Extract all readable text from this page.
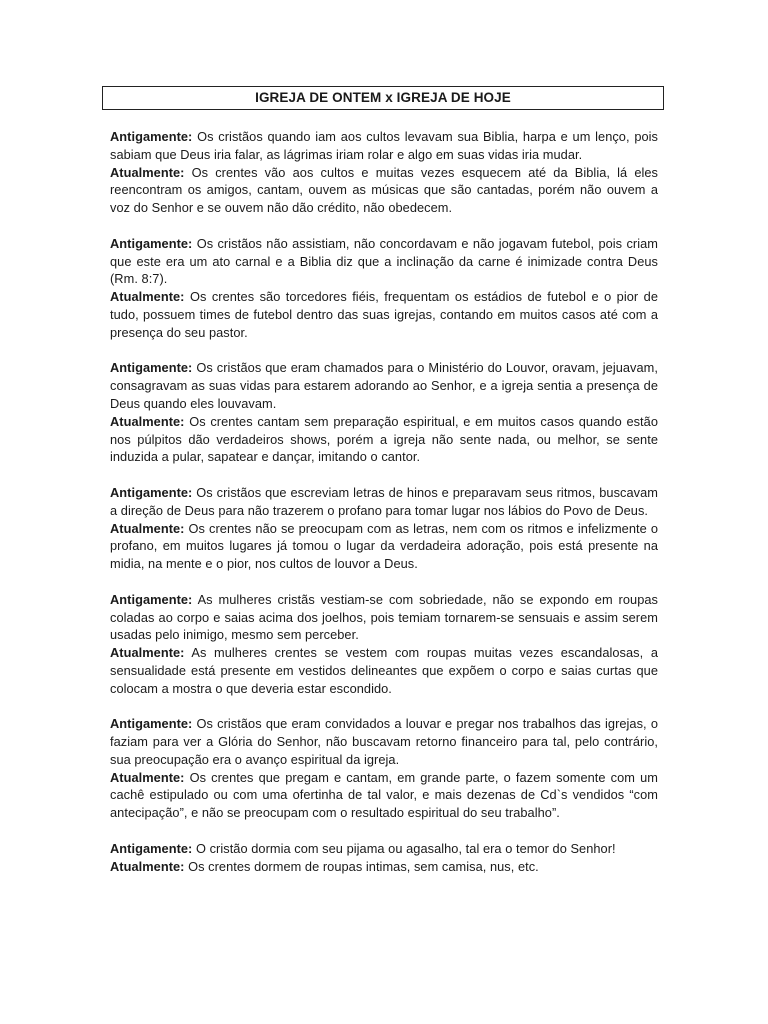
IGREJA DE ONTEM x IGREJA DE HOJE

Antigamente: Os cristãos quando iam aos cultos levavam sua Biblia, harpa e um lenço, pois sabiam que Deus iria falar, as lágrimas iriam rolar e algo em suas vidas iria mudar.

Atualmente: Os crentes vão aos cultos e muitas vezes esquecem até da Biblia, lá eles reencontram os amigos, cantam, ouvem as músicas que são cantadas, porém não ouvem a voz do Senhor e se ouvem não dão crédito, não obedecem.

Antigamente: Os cristãos não assistiam, não concordavam e não jogavam futebol, pois criam que este era um ato carnal e a Biblia diz que a inclinação da carne é inimizade contra Deus (Rm. 8:7).

Atualmente: Os crentes são torcedores fiéis, frequentam os estádios de futebol e o pior de tudo, possuem times de futebol dentro das suas igrejas, contando em muitos casos até com a presença do seu pastor.

Antigamente: Os cristãos que eram chamados para o Ministério do Louvor, oravam, jejuavam, consagravam as suas vidas para estarem adorando ao Senhor, e a igreja sentia a presença de Deus quando eles louvavam.

Atualmente: Os crentes cantam sem preparação espiritual, e em muitos casos quando estão nos púlpitos dão verdadeiros shows, porém a igreja não sente nada, ou melhor, se sente induzida a pular, sapatear e dançar, imitando o cantor.

Antigamente: Os cristãos que escreviam letras de hinos e preparavam seus ritmos, buscavam a direção de Deus para não trazerem o profano para tomar lugar nos lábios do Povo de Deus.

Atualmente: Os crentes não se preocupam com as letras, nem com os ritmos e infelizmente o profano, em muitos lugares já tomou o lugar da verdadeira adoração, pois está presente na midia, na mente e o pior, nos cultos de louvor a Deus.

Antigamente: As mulheres cristãs vestiam-se com sobriedade, não se expondo em roupas coladas ao corpo e saias acima dos joelhos, pois temiam tornarem-se sensuais e assim serem usadas pelo inimigo, mesmo sem perceber.

Atualmente: As mulheres crentes se vestem com roupas muitas vezes escandalosas, a sensualidade está presente em vestidos delineantes que expõem o corpo e saias curtas que colocam a mostra o que deveria estar escondido.

Antigamente: Os cristãos que eram convidados a louvar e pregar nos trabalhos das igrejas, o faziam para ver a Glória do Senhor, não buscavam retorno financeiro para tal, pelo contrário, sua preocupação era o avanço espiritual da igreja.

Atualmente: Os crentes que pregam e cantam, em grande parte, o fazem somente com um cachê estipulado ou com uma ofertinha de tal valor, e mais dezenas de Cd`s vendidos “com antecipação”, e não se preocupam com o resultado espiritual do seu trabalho”.

Antigamente: O cristão dormia com seu pijama ou agasalho, tal era o temor do Senhor!

Atualmente: Os crentes dormem de roupas intimas, sem camisa, nus, etc.
